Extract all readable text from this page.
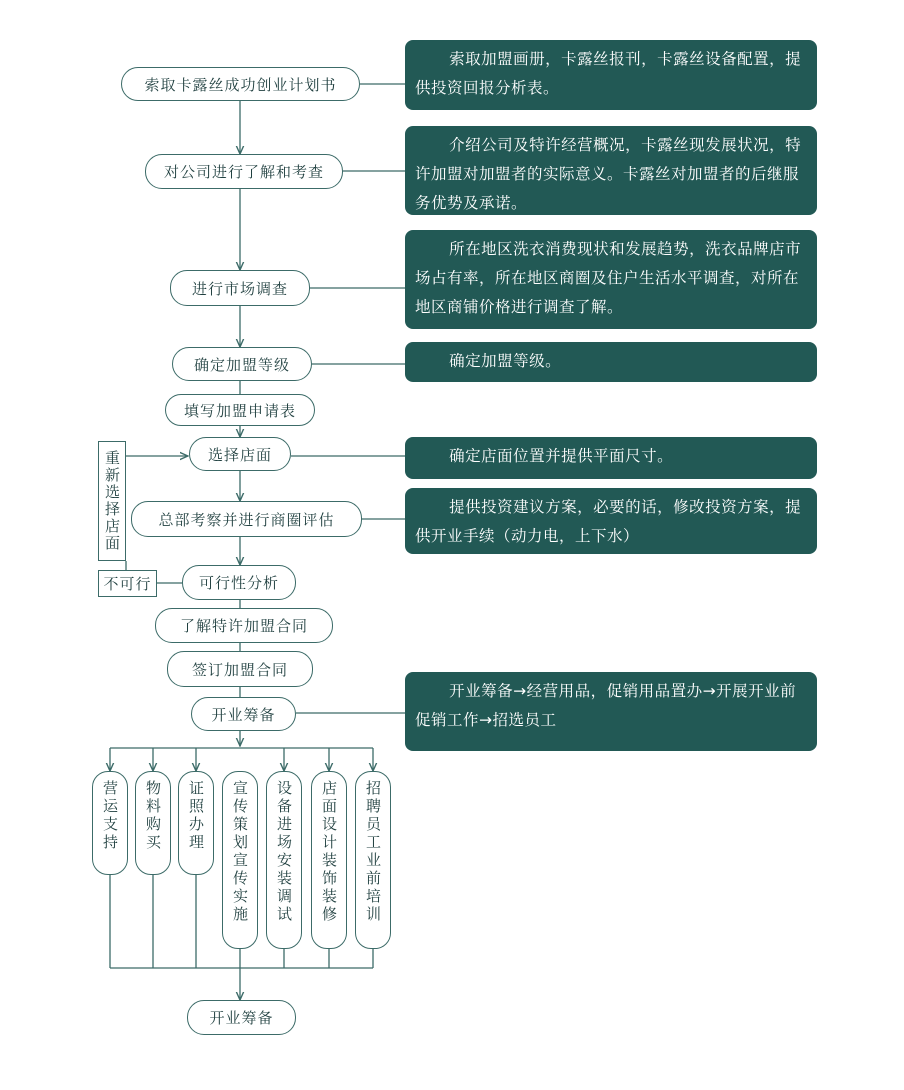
索取卡露丝成功创业计划书
对公司进行了解和考查
进行市场调查
确定加盟等级
填写加盟申请表
选择店面
总部考察并进行商圈评估
可行性分析
了解特许加盟合同
签订加盟合同
开业筹备
开业筹备
索取加盟画册，卡露丝报刊，卡露丝设备配置，提供投资回报分析表。
介绍公司及特许经营概况，卡露丝现发展状况，特许加盟对加盟者的实际意义。卡露丝对加盟者的后继服务优势及承诺。
所在地区洗衣消费现状和发展趋势，洗衣品牌店市场占有率，所在地区商圈及住户生活水平调查，对所在地区商铺价格进行调查了解。
确定加盟等级。
确定店面位置并提供平面尺寸。
提供投资建议方案，必要的话，修改投资方案，提供开业手续（动力电，上下水）
开业筹备→经营用品，促销用品置办→开展开业前促销工作→招选员工
重新选择店面
不可行
营运支持 物料购买 证照办理 宣传策划宣传实施 设备进场安装调试 店面设计装饰装修 招聘员工业前培训
